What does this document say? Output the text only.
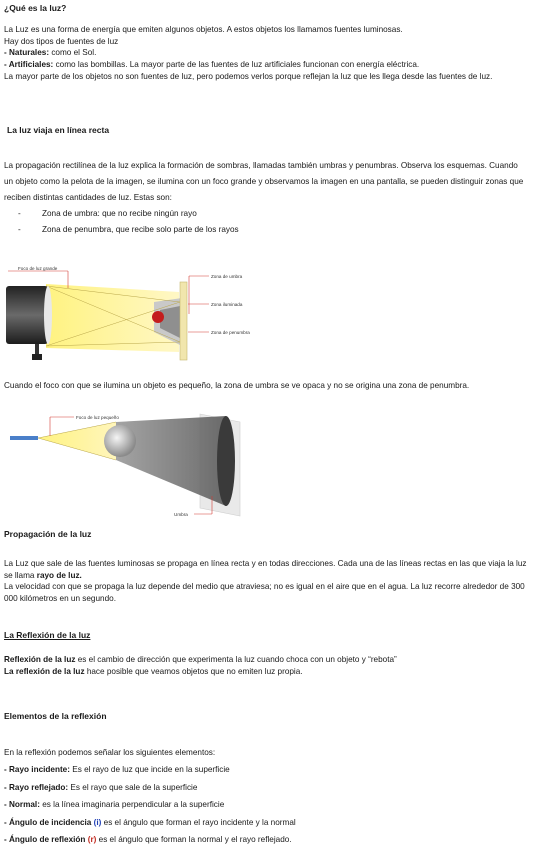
¿Qué es la luz?

La Luz es una forma de energía que emiten algunos objetos. A estos objetos los llamamos fuentes luminosas.

Hay dos tipos de fuentes de luz

- Naturales: como el Sol.

- Artificiales: como las bombillas. La mayor parte de las fuentes de luz artificiales funcionan con energía eléctrica.

La mayor parte de los objetos no son fuentes de luz, pero podemos verlos porque reflejan la luz que les llega desde las fuentes de luz.

La luz viaja en línea recta

La propagación rectilínea de la luz explica la formación de sombras, llamadas también umbras y penumbras. Observa los esquemas. Cuando un objeto como la pelota de la imagen, se ilumina con un foco grande y observamos la imagen en una pantalla, se pueden distinguir zonas que reciben distintas cantidades de luz. Estas son:

- Zona de umbra: que no recibe ningún rayo
- Zona de penumbra, que recibe solo parte de los rayos
Foco de luz grande
Zona de umbra
Zona iluminada
Zona de penumbra

Cuando el foco con que se ilumina un objeto es pequeño, la zona de umbra se ve opaca y no se origina una zona de penumbra.

Foco de luz pequeño
Umbra

Propagación de la luz

La Luz que sale de las fuentes luminosas se propaga en línea recta y en todas direcciones. Cada una de las líneas rectas en las que viaja la luz se llama rayo de luz.

La velocidad con que se propaga la luz depende del medio que atraviesa; no es igual en el aire que en el agua. La luz recorre alrededor de 300 000 kilómetros en un segundo.

La Reflexión de la luz

Reflexión de la luz es el cambio de dirección que experimenta la luz cuando choca con un objeto y “rebota”

La reflexión de la luz hace posible que veamos objetos que no emiten luz propia.

Elementos de la reflexión

En la reflexión podemos señalar los siguientes elementos:

- Rayo incidente: Es el rayo de luz que incide en la superficie

- Rayo reflejado: Es el rayo que sale de la superficie

- Normal: es la línea imaginaria perpendicular a la superficie

- Ángulo de incidencia (i) es el ángulo que forman el rayo incidente y la normal

- Ángulo de reflexión (r) es el ángulo que forman la normal y el rayo reflejado.
